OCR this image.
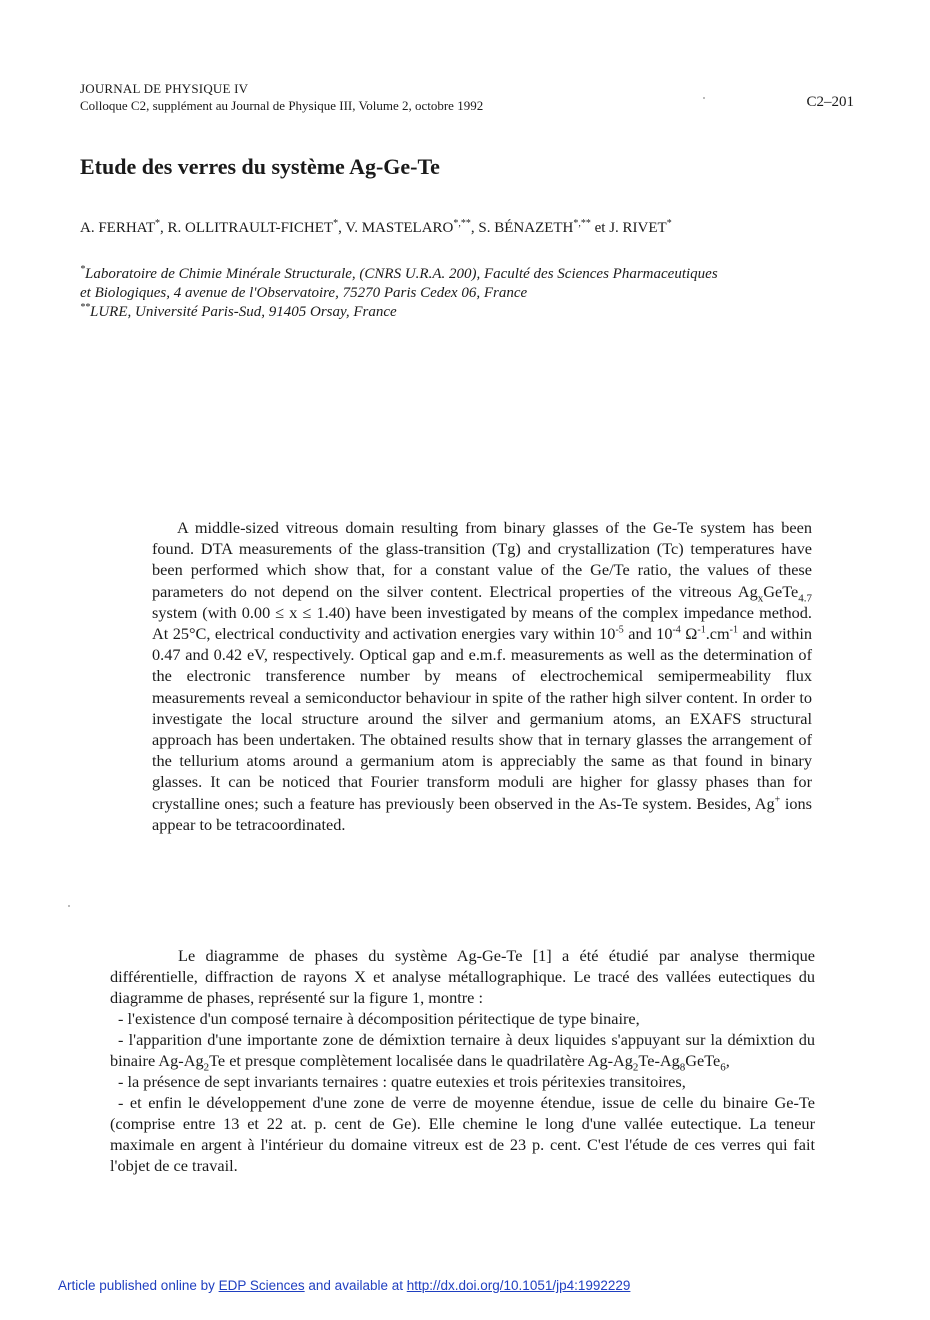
JOURNAL DE PHYSIQUE IV
Colloque C2, supplément au Journal de Physique III, Volume 2, octobre 1992	C2–201
Etude des verres du système Ag-Ge-Te
A. FERHAT*, R. OLLITRAULT-FICHET*, V. MASTELARO*,**, S. BÉNAZETH*,** et J. RIVET*
*Laboratoire de Chimie Minérale Structurale, (CNRS U.R.A. 200), Faculté des Sciences Pharmaceutiques
et Biologiques, 4 avenue de l'Observatoire, 75270 Paris Cedex 06, France
**LURE, Université Paris-Sud, 91405 Orsay, France

A middle-sized vitreous domain resulting from binary glasses of the Ge-Te system has been found. DTA measurements of the glass-transition (Tg) and crystallization (Tc) temperatures have been performed which show that, for a constant value of the Ge/Te ratio, the values of these parameters do not depend on the silver content. Electrical properties of the vitreous $Ag_xGeTe_{4.7}$ system (with 0.00 ≤ x ≤ 1.40) have been investigated by means of the complex impedance method. At 25°C, electrical conductivity and activation energies vary within $10^{-5}$ and $10^{-4}$ $\Omega^{-1}.cm^{-1}$ and within 0.47 and 0.42 eV, respectively. Optical gap and e.m.f. measurements as well as the determination of the electronic transference number by means of electrochemical semipermeability flux measurements reveal a semiconductor behaviour in spite of the rather high silver content. In order to investigate the local structure around the silver and germanium atoms, an EXAFS structural approach has been undertaken. The obtained results show that in ternary glasses the arrangement of the tellurium atoms around a germanium atom is appreciably the same as that found in binary glasses. It can be noticed that Fourier transform moduli are higher for glassy phases than for crystalline ones; such a feature has previously been observed in the As-Te system. Besides, Ag+ ions appear to be tetracoordinated.

Le diagramme de phases du système Ag-Ge-Te [1] a été étudié par analyse thermique différentielle, diffraction de rayons X et analyse métallographique. Le tracé des vallées eutectiques du diagramme de phases, représenté sur la figure 1, montre :

- l'existence d'un composé ternaire à décomposition péritectique de type binaire,

- l'apparition d'une importante zone de démixtion ternaire à deux liquides s'appuyant sur la démixtion du binaire $Ag-Ag_2Te$ et presque complètement localisée dans le quadrilatère $Ag-Ag_2Te-Ag_8GeTe_6$,

- la présence de sept invariants ternaires : quatre eutexies et trois péritexies transitoires,

- et enfin le développement d'une zone de verre de moyenne étendue, issue de celle du binaire Ge-Te (comprise entre 13 et 22 at. p. cent de Ge). Elle chemine le long d'une vallée eutectique. La teneur maximale en argent à l'intérieur du domaine vitreux est de 23 p. cent. C'est l'étude de ces verres qui fait l'objet de ce travail.

Article published online by EDP Sciences and available at http://dx.doi.org/10.1051/jp4:1992229
